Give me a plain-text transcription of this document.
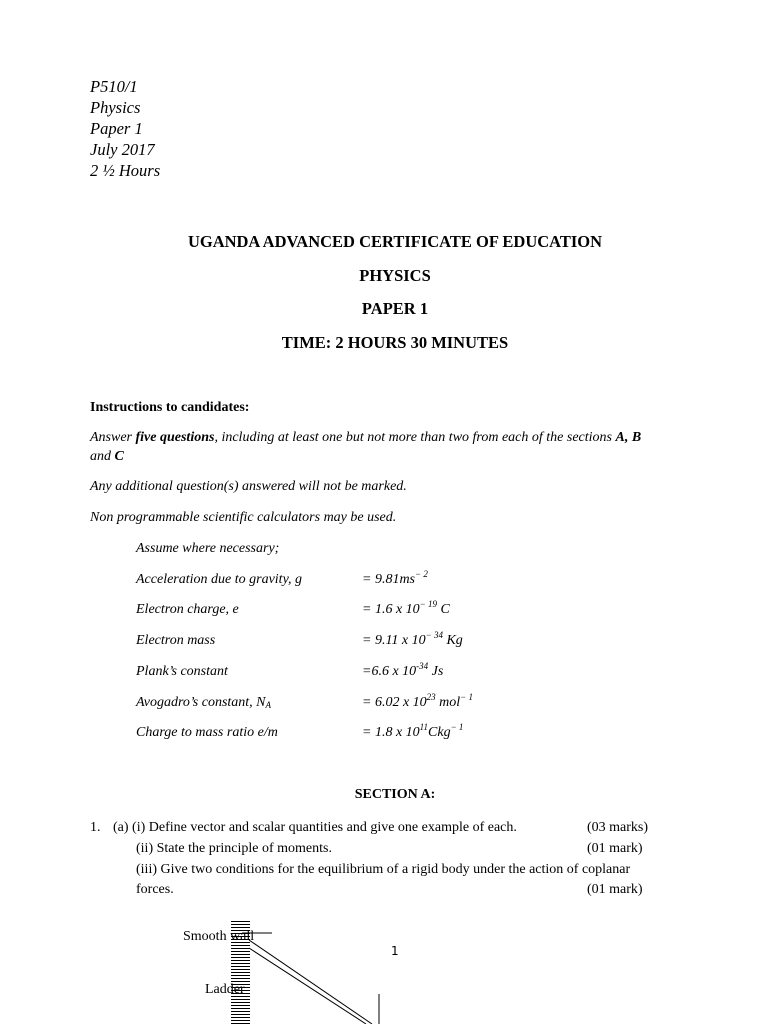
P510/1
Physics
Paper 1
July 2017
2 ½ Hours
UGANDA ADVANCED CERTIFICATE OF EDUCATION
PHYSICS
PAPER 1
TIME: 2 HOURS 30 MINUTES
Instructions to candidates:
Answer five questions, including at least one but not more than two from each of the sections A, B
and C
Any additional question(s) answered will not be marked.
Non programmable scientific calculators may be used.
Assume where necessary;
Acceleration due to gravity, g	= $9.81ms^{- 2}$
Electron charge, e	= 1.6 x $10^{- 19}$ C
Electron mass	= 9.11 x $10^{- 34}$ Kg
Plank’s constant	=6.6 x $10^{-34}$ Js
Avogadro’s constant, $N_A$	= 6.02 x $10^{23}$ mol$^{- 1}$
Charge to mass ratio e/m	= 1.8 x $10^{11}Ckg^{- 1}$
SECTION A:
1. (a) (i) Define vector and scalar quantities and give one example of each.	(03 marks)
(ii) State the principle of moments.	(01 mark)
(iii) Give two conditions for the equilibrium of a rigid body under the action of coplanar
forces.	(01 mark)
Smooth wall
Ladder
1
